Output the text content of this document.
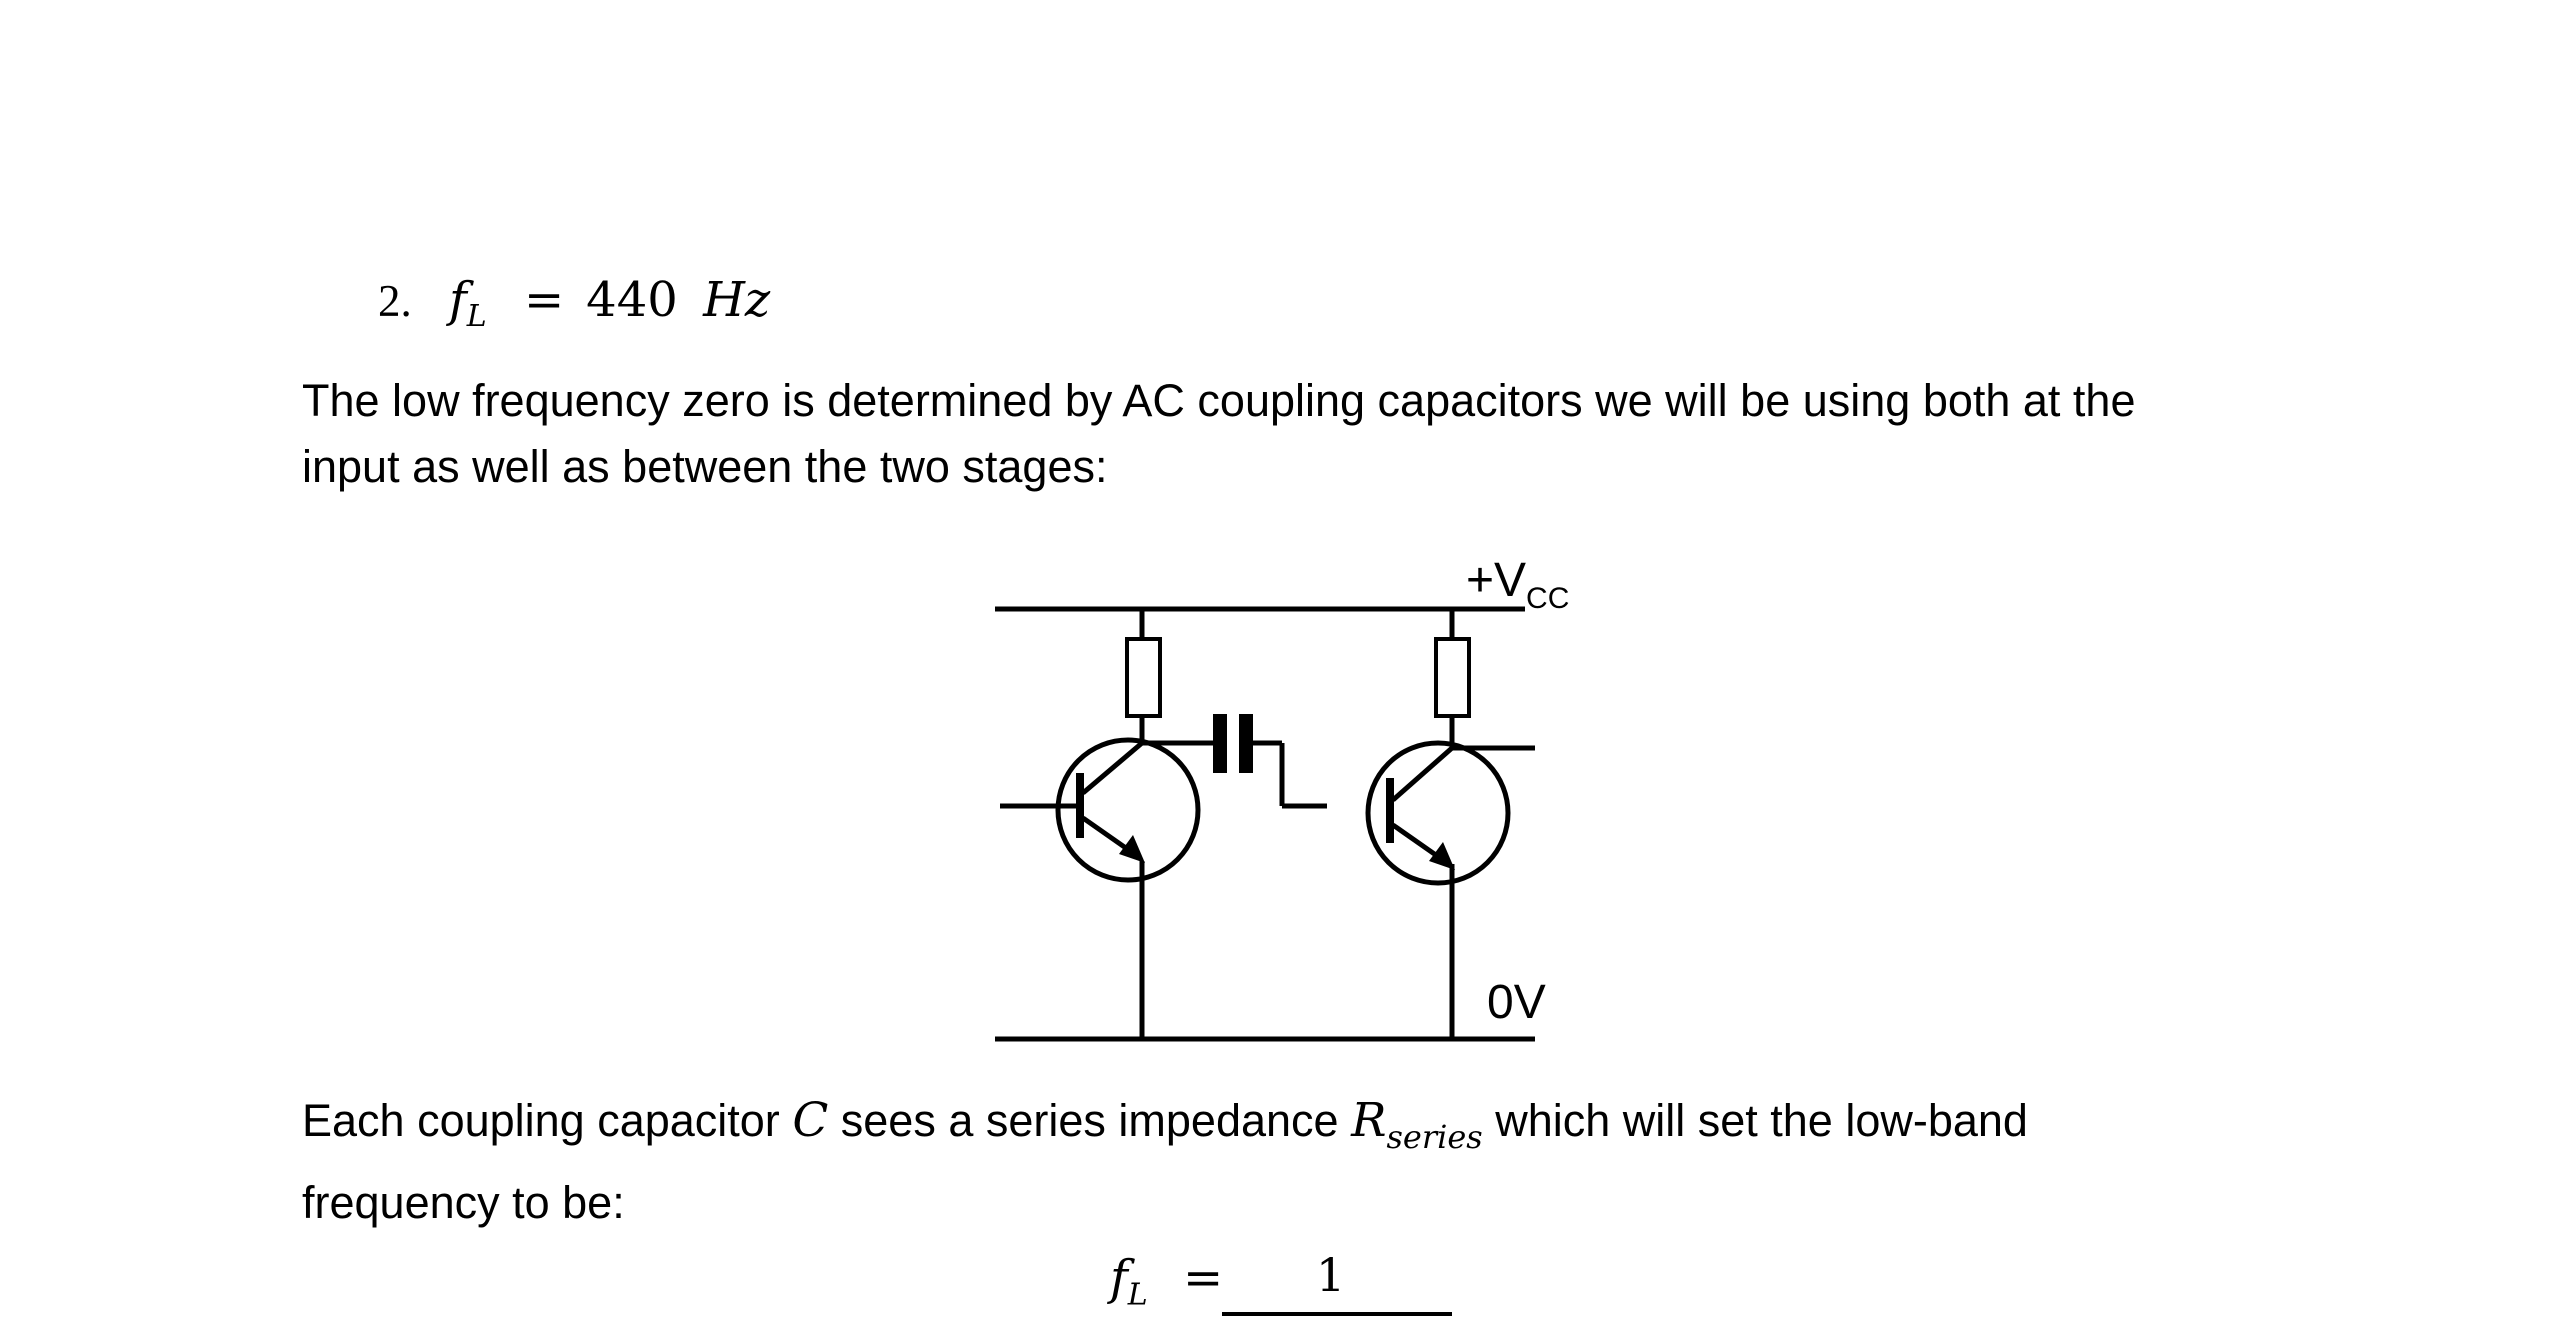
2. $f_L = 440$ Hz
The low frequency zero is determined by AC coupling capacitors we will be using both at the
input as well as between the two stages:
$+V_{CC}$
0V
Each coupling capacitor C sees a series impedance $R_{series}$ which will set the low-band
frequency to be:
1
$f_L$ =
